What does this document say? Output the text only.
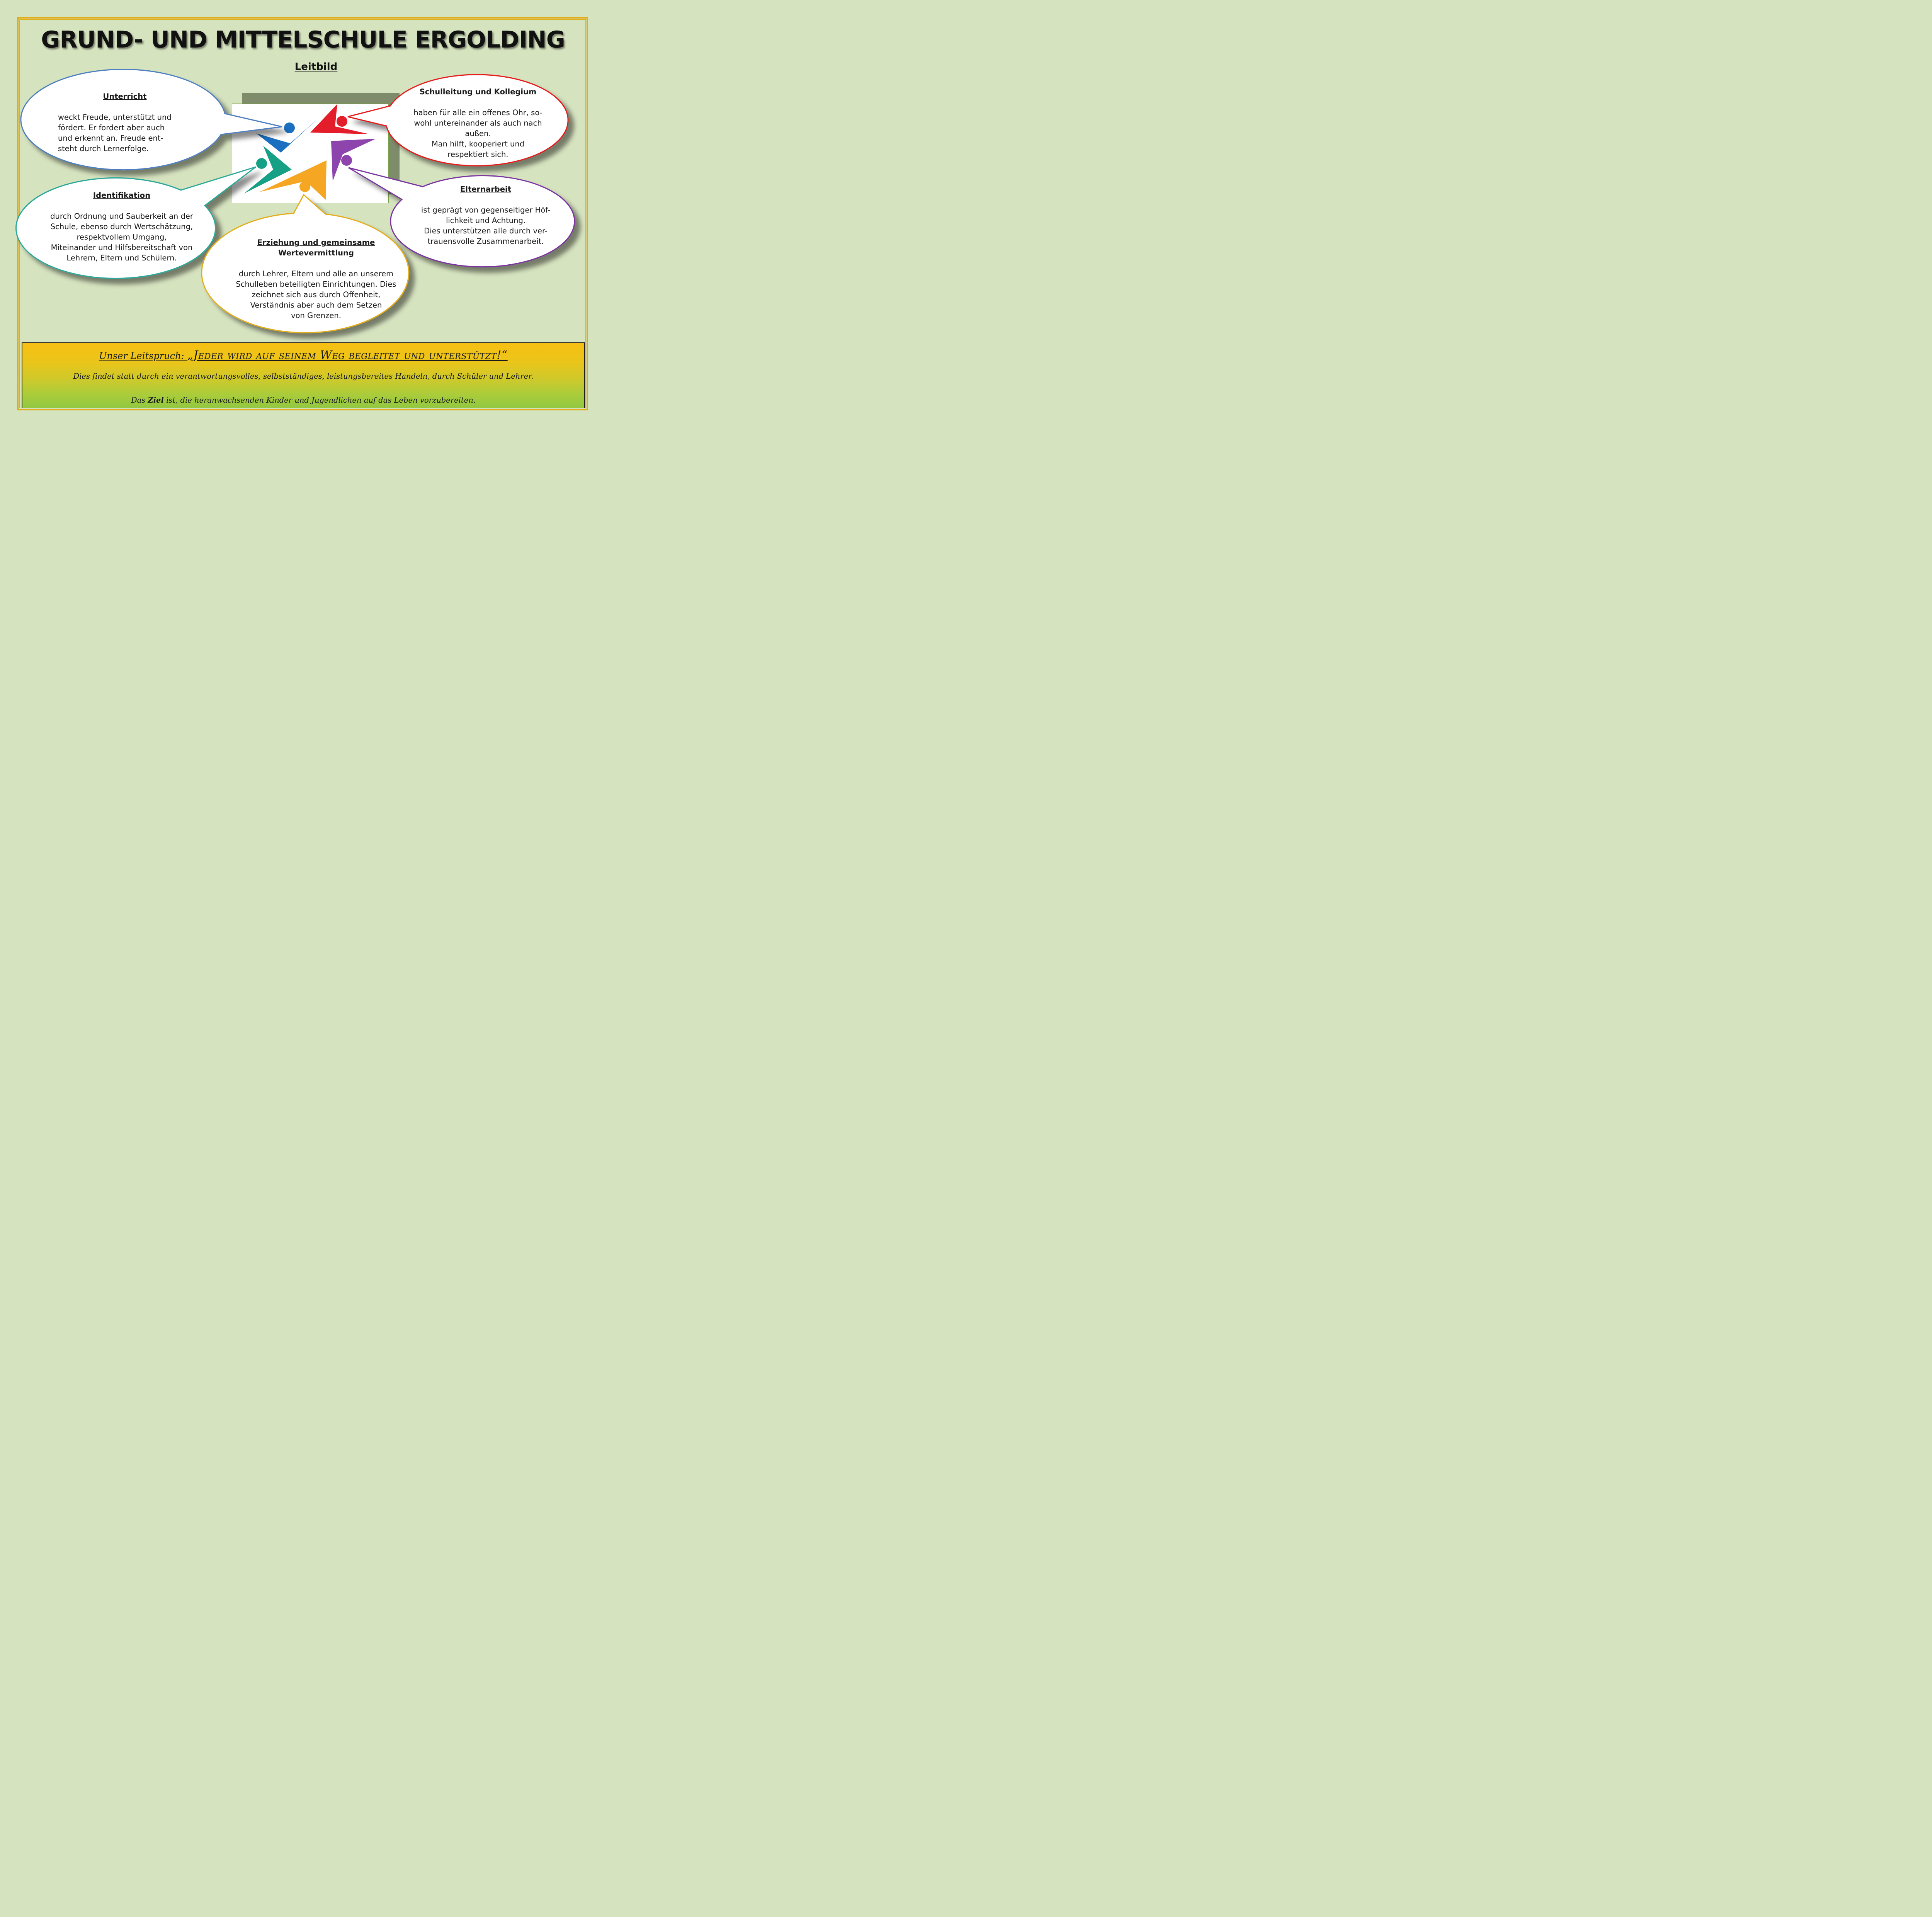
GRUND- UND MITTELSCHULE ERGOLDING
Leitbild
Unterricht
weckt Freude, unterstützt und
fördert. Er fordert aber auch
und erkennt an. Freude ent-
steht durch Lernerfolge.
Schulleitung und Kollegium
haben für alle ein offenes Ohr, so-
wohl untereinander als auch nach
außen.
Man hilft, kooperiert und
respektiert sich.
Identifikation
durch Ordnung und Sauberkeit an der
Schule, ebenso durch Wertschätzung,
respektvollem Umgang,
Miteinander und Hilfsbereitschaft von
Lehrern, Eltern und Schülern.
Elternarbeit
ist geprägt von gegenseitiger Höf-
lichkeit und Achtung.
Dies unterstützen alle durch ver-
trauensvolle Zusammenarbeit.
Erziehung und gemeinsame
Wertevermittlung
durch Lehrer, Eltern und alle an unserem
Schulleben beteiligten Einrichtungen. Dies
zeichnet sich aus durch Offenheit,
Verständnis aber auch dem Setzen
von Grenzen.
Unser Leitspruch: „Jeder wird auf seinem Weg begleitet und unterstützt!“
Dies findet statt durch ein verantwortungsvolles, selbstständiges, leistungsbereites Handeln, durch Schüler und Lehrer.
Das Ziel ist, die heranwachsenden Kinder und Jugendlichen auf das Leben vorzubereiten.
